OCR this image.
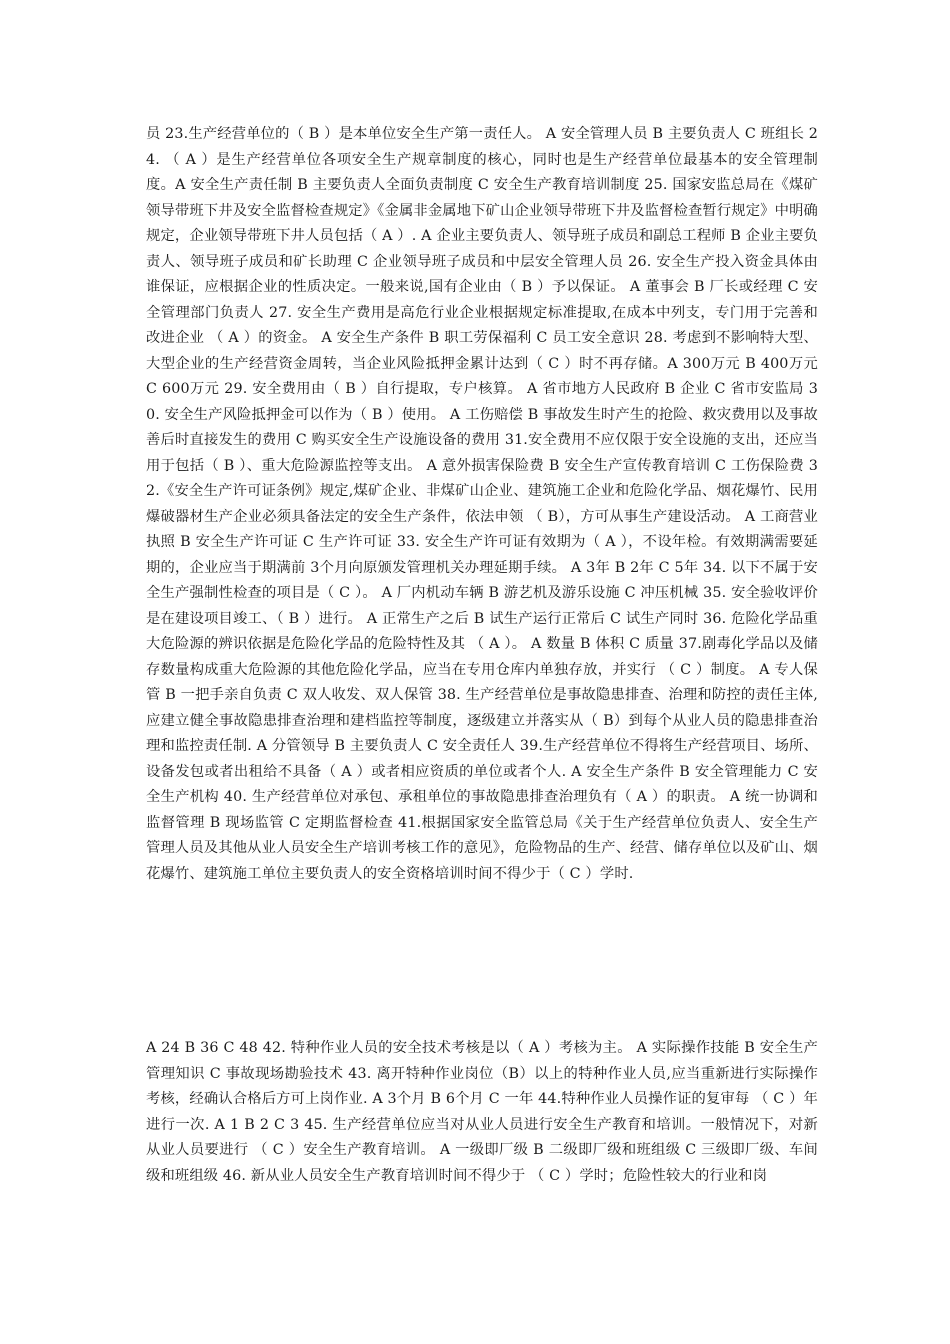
员 23.生产经营单位的（ B ）是本单位安全生产第一责任人。 A 安全管理人员 B 主要负责人 C 班组长 24. （ A ）是生产经营单位各项安全生产规章制度的核心，同时也是生产经营单位最基本的安全管理制度。A 安全生产责任制 B 主要负责人全面负责制度 C 安全生产教育培训制度 25. 国家安监总局在《煤矿领导带班下井及安全监督检查规定》《金属非金属地下矿山企业领导带班下井及监督检查暂行规定》中明确规定，企业领导带班下井人员包括（ A ）. A 企业主要负责人、领导班子成员和副总工程师 B 企业主要负责人、领导班子成员和矿长助理 C 企业领导班子成员和中层安全管理人员 26. 安全生产投入资金具体由谁保证，应根据企业的性质决定。一般来说,国有企业由（ B ）予以保证。 A 董事会 B 厂长或经理 C 安全管理部门负责人 27. 安全生产费用是高危行业企业根据规定标准提取,在成本中列支，专门用于完善和改进企业 （ A ）的资金。 A 安全生产条件 B 职工劳保福利 C 员工安全意识 28. 考虑到不影响特大型、大型企业的生产经营资金周转，当企业风险抵押金累计达到（ C ）时不再存储。A 300万元 B 400万元 C 600万元 29. 安全费用由（ B ）自行提取，专户核算。 A 省市地方人民政府 B 企业 C 省市安监局 30. 安全生产风险抵押金可以作为（ B ）使用。 A 工伤赔偿 B 事故发生时产生的抢险、救灾费用以及事故善后时直接发生的费用 C 购买安全生产设施设备的费用 31.安全费用不应仅限于安全设施的支出，还应当用于包括（ B ）、重大危险源监控等支出。 A 意外损害保险费 B 安全生产宣传教育培训 C 工伤保险费 32.《安全生产许可证条例》规定,煤矿企业、非煤矿山企业、建筑施工企业和危险化学品、烟花爆竹、民用爆破器材生产企业必须具备法定的安全生产条件，依法申领 （ B），方可从事生产建设活动。 A 工商营业执照 B 安全生产许可证 C 生产许可证 33. 安全生产许可证有效期为（ A ），不设年检。有效期满需要延期的，企业应当于期满前 3个月向原颁发管理机关办理延期手续。 A 3年 B 2年 C 5年 34. 以下不属于安全生产强制性检查的项目是（ C ）。 A 厂内机动车辆 B 游艺机及游乐设施 C 冲压机械 35. 安全验收评价是在建设项目竣工、（ B ）进行。 A 正常生产之后 B 试生产运行正常后 C 试生产同时 36. 危险化学品重大危险源的辨识依据是危险化学品的危险特性及其 （ A ）。 A 数量 B 体积 C 质量 37.剧毒化学品以及储存数量构成重大危险源的其他危险化学品，应当在专用仓库内单独存放，并实行 （ C ）制度。 A 专人保管 B 一把手亲自负责 C 双人收发、双人保管 38. 生产经营单位是事故隐患排查、治理和防控的责任主体,应建立健全事故隐患排查治理和建档监控等制度，逐级建立并落实从（ B）到每个从业人员的隐患排查治理和监控责任制. A 分管领导 B 主要负责人 C 安全责任人 39.生产经营单位不得将生产经营项目、场所、设备发包或者出租给不具备（ A ）或者相应资质的单位或者个人. A 安全生产条件 B 安全管理能力 C 安全生产机构 40. 生产经营单位对承包、承租单位的事故隐患排查治理负有（ A ）的职责。 A 统一协调和监督管理 B 现场监管 C 定期监督检查 41.根据国家安全监管总局《关于生产经营单位负责人、安全生产管理人员及其他从业人员安全生产培训考核工作的意见》，危险物品的生产、经营、储存单位以及矿山、烟花爆竹、建筑施工单位主要负责人的安全资格培训时间不得少于（ C ）学时.

A 24 B 36 C 48 42. 特种作业人员的安全技术考核是以（ A ）考核为主。 A 实际操作技能 B 安全生产管理知识 C 事故现场勘验技术 43. 离开特种作业岗位（B）以上的特种作业人员,应当重新进行实际操作考核，经确认合格后方可上岗作业. A 3个月 B 6个月 C 一年 44.特种作业人员操作证的复审每 （ C ）年进行一次. A 1 B 2 C 3 45. 生产经营单位应当对从业人员进行安全生产教育和培训。一般情况下，对新从业人员要进行 （ C ）安全生产教育培训。 A 一级即厂级 B 二级即厂级和班组级 C 三级即厂级、车间级和班组级 46. 新从业人员安全生产教育培训时间不得少于 （ C ）学时；危险性较大的行业和岗
